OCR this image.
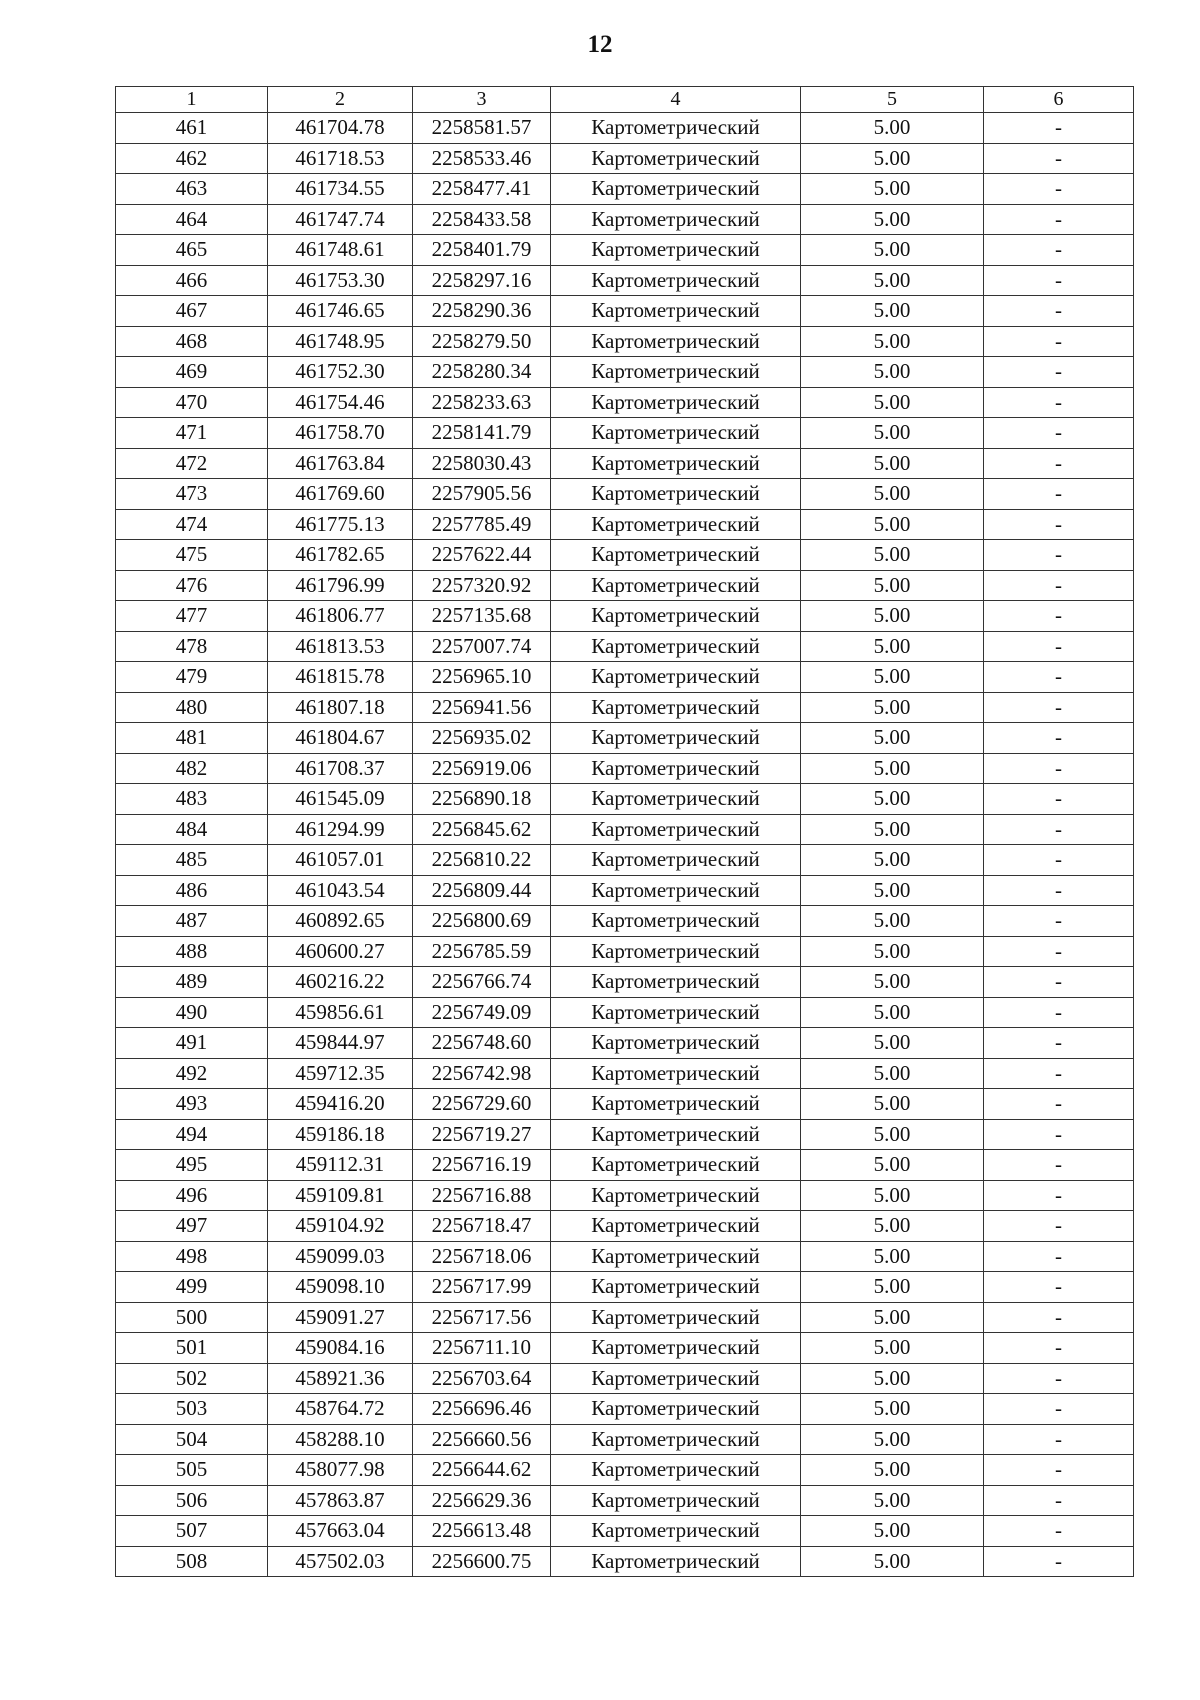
12
1	2	3	4	5	6
461	461704.78	2258581.57	Картометрический	5.00	-
462	461718.53	2258533.46	Картометрический	5.00	-
463	461734.55	2258477.41	Картометрический	5.00	-
464	461747.74	2258433.58	Картометрический	5.00	-
465	461748.61	2258401.79	Картометрический	5.00	-
466	461753.30	2258297.16	Картометрический	5.00	-
467	461746.65	2258290.36	Картометрический	5.00	-
468	461748.95	2258279.50	Картометрический	5.00	-
469	461752.30	2258280.34	Картометрический	5.00	-
470	461754.46	2258233.63	Картометрический	5.00	-
471	461758.70	2258141.79	Картометрический	5.00	-
472	461763.84	2258030.43	Картометрический	5.00	-
473	461769.60	2257905.56	Картометрический	5.00	-
474	461775.13	2257785.49	Картометрический	5.00	-
475	461782.65	2257622.44	Картометрический	5.00	-
476	461796.99	2257320.92	Картометрический	5.00	-
477	461806.77	2257135.68	Картометрический	5.00	-
478	461813.53	2257007.74	Картометрический	5.00	-
479	461815.78	2256965.10	Картометрический	5.00	-
480	461807.18	2256941.56	Картометрический	5.00	-
481	461804.67	2256935.02	Картометрический	5.00	-
482	461708.37	2256919.06	Картометрический	5.00	-
483	461545.09	2256890.18	Картометрический	5.00	-
484	461294.99	2256845.62	Картометрический	5.00	-
485	461057.01	2256810.22	Картометрический	5.00	-
486	461043.54	2256809.44	Картометрический	5.00	-
487	460892.65	2256800.69	Картометрический	5.00	-
488	460600.27	2256785.59	Картометрический	5.00	-
489	460216.22	2256766.74	Картометрический	5.00	-
490	459856.61	2256749.09	Картометрический	5.00	-
491	459844.97	2256748.60	Картометрический	5.00	-
492	459712.35	2256742.98	Картометрический	5.00	-
493	459416.20	2256729.60	Картометрический	5.00	-
494	459186.18	2256719.27	Картометрический	5.00	-
495	459112.31	2256716.19	Картометрический	5.00	-
496	459109.81	2256716.88	Картометрический	5.00	-
497	459104.92	2256718.47	Картометрический	5.00	-
498	459099.03	2256718.06	Картометрический	5.00	-
499	459098.10	2256717.99	Картометрический	5.00	-
500	459091.27	2256717.56	Картометрический	5.00	-
501	459084.16	2256711.10	Картометрический	5.00	-
502	458921.36	2256703.64	Картометрический	5.00	-
503	458764.72	2256696.46	Картометрический	5.00	-
504	458288.10	2256660.56	Картометрический	5.00	-
505	458077.98	2256644.62	Картометрический	5.00	-
506	457863.87	2256629.36	Картометрический	5.00	-
507	457663.04	2256613.48	Картометрический	5.00	-
508	457502.03	2256600.75	Картометрический	5.00	-
